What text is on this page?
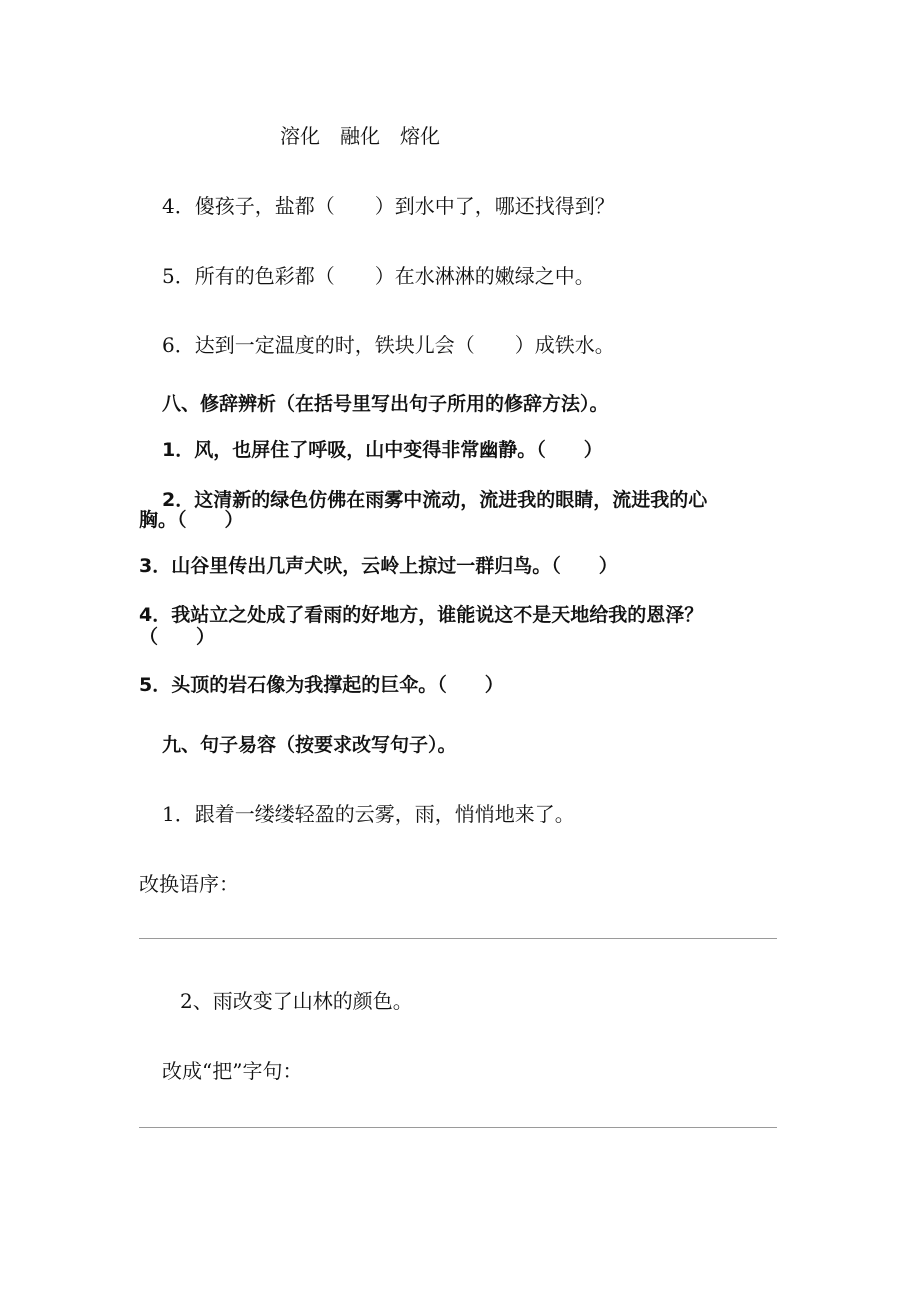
溶化　融化　熔化
4．傻孩子，盐都（　　）到水中了，哪还找得到？
5．所有的色彩都（　　）在水淋淋的嫩绿之中。
6．达到一定温度的时，铁块儿会（　　）成铁水。
八、修辞辨析（在括号里写出句子所用的修辞方法）。
1．风，也屏住了呼吸，山中变得非常幽静。（　　）
2．这清新的绿色仿佛在雨雾中流动，流进我的眼睛，流进我的心
胸。（　　）
3．山谷里传出几声犬吠，云岭上掠过一群归鸟。（　　）
4．我站立之处成了看雨的好地方，谁能说这不是天地给我的恩泽？
（　　）
5．头顶的岩石像为我撑起的巨伞。（　　）
九、句子易容（按要求改写句子）。
1．跟着一缕缕轻盈的云雾，雨，悄悄地来了。
改换语序：
2、雨改变了山林的颜色。
改成“把”字句：
